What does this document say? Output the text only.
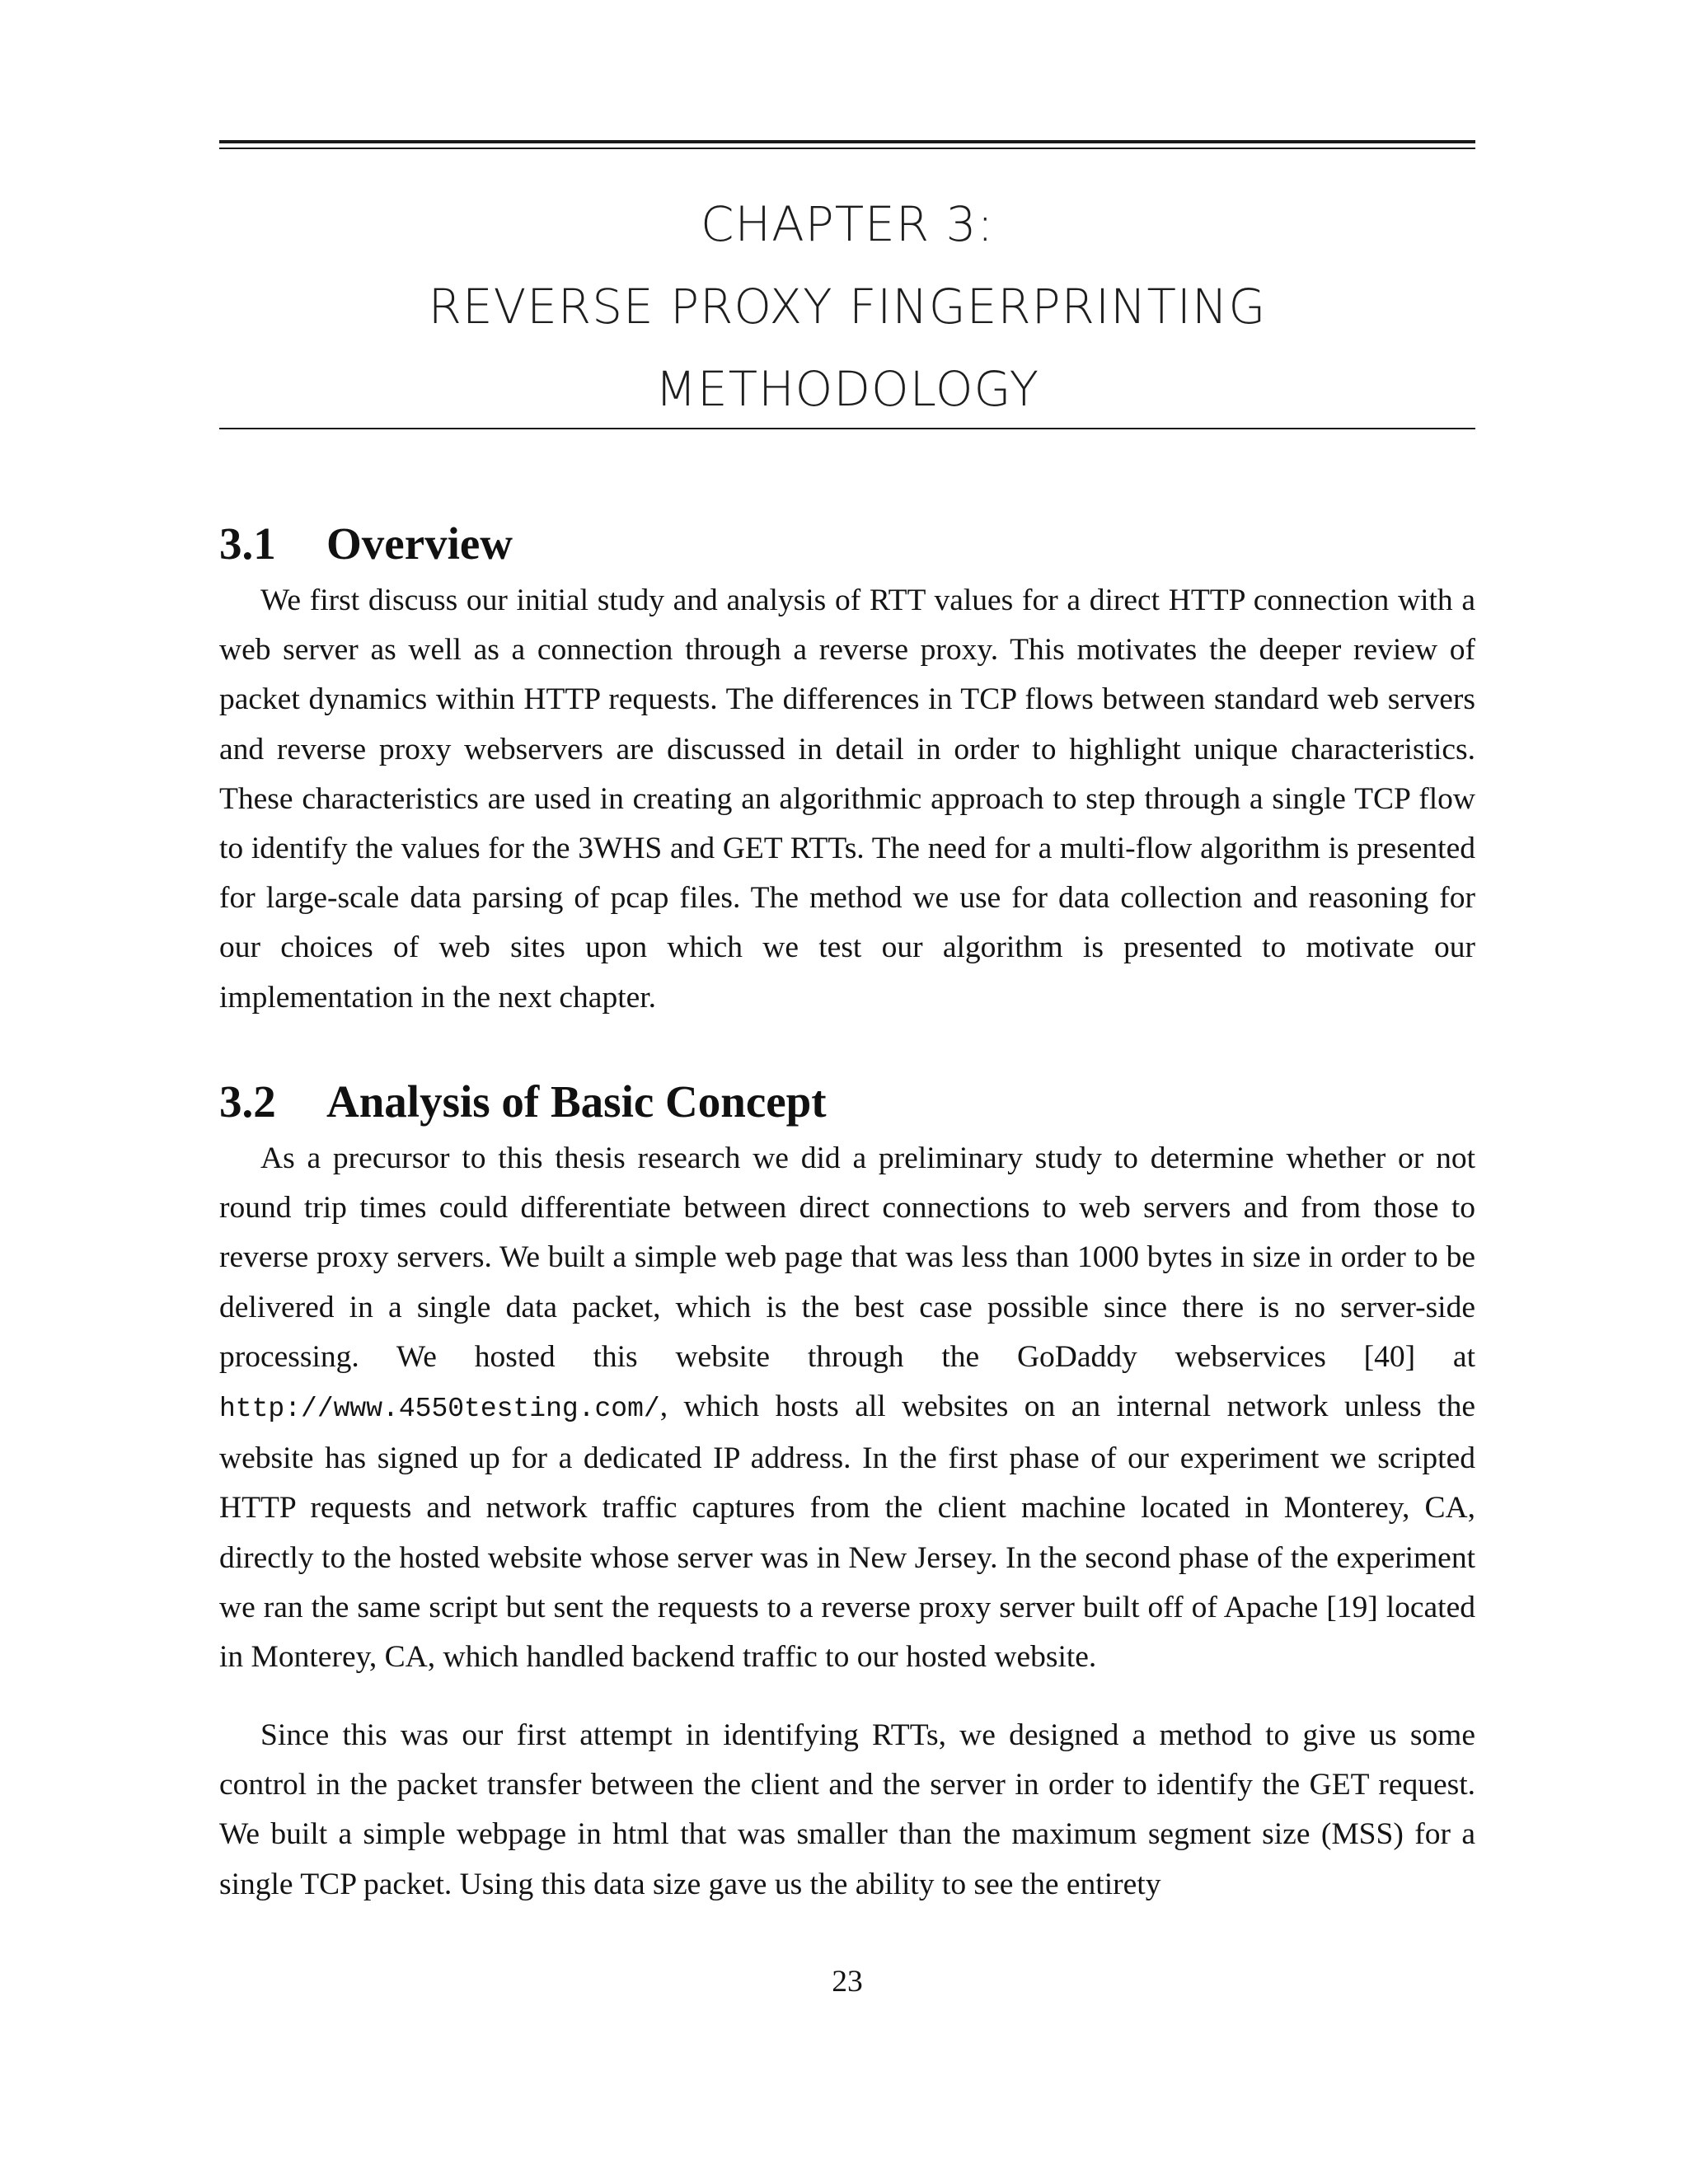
CHAPTER 3:
REVERSE PROXY FINGERPRINTING
METHODOLOGY
3.1 Overview

We first discuss our initial study and analysis of RTT values for a direct HTTP connection with a web server as well as a connection through a reverse proxy. This motivates the deeper review of packet dynamics within HTTP requests. The differences in TCP flows between standard web servers and reverse proxy webservers are discussed in detail in order to highlight unique characteristics. These characteristics are used in creating an algorithmic approach to step through a single TCP flow to identify the values for the 3WHS and GET RTTs. The need for a multi-flow algorithm is presented for large-scale data parsing of pcap files. The method we use for data collection and reasoning for our choices of web sites upon which we test our algorithm is presented to motivate our implementation in the next chapter.

3.2 Analysis of Basic Concept

As a precursor to this thesis research we did a preliminary study to determine whether or not round trip times could differentiate between direct connections to web servers and from those to reverse proxy servers. We built a simple web page that was less than 1000 bytes in size in order to be delivered in a single data packet, which is the best case possible since there is no server-side processing. We hosted this website through the GoDaddy webservices [40] at http://www.4550testing.com/, which hosts all websites on an internal network unless the website has signed up for a dedicated IP address. In the first phase of our experiment we scripted HTTP requests and network traffic captures from the client machine located in Monterey, CA, directly to the hosted website whose server was in New Jersey. In the second phase of the experiment we ran the same script but sent the requests to a reverse proxy server built off of Apache [19] located in Monterey, CA, which handled backend traffic to our hosted website.

Since this was our first attempt in identifying RTTs, we designed a method to give us some control in the packet transfer between the client and the server in order to identify the GET request. We built a simple webpage in html that was smaller than the maximum segment size (MSS) for a single TCP packet. Using this data size gave us the ability to see the entirety

23
